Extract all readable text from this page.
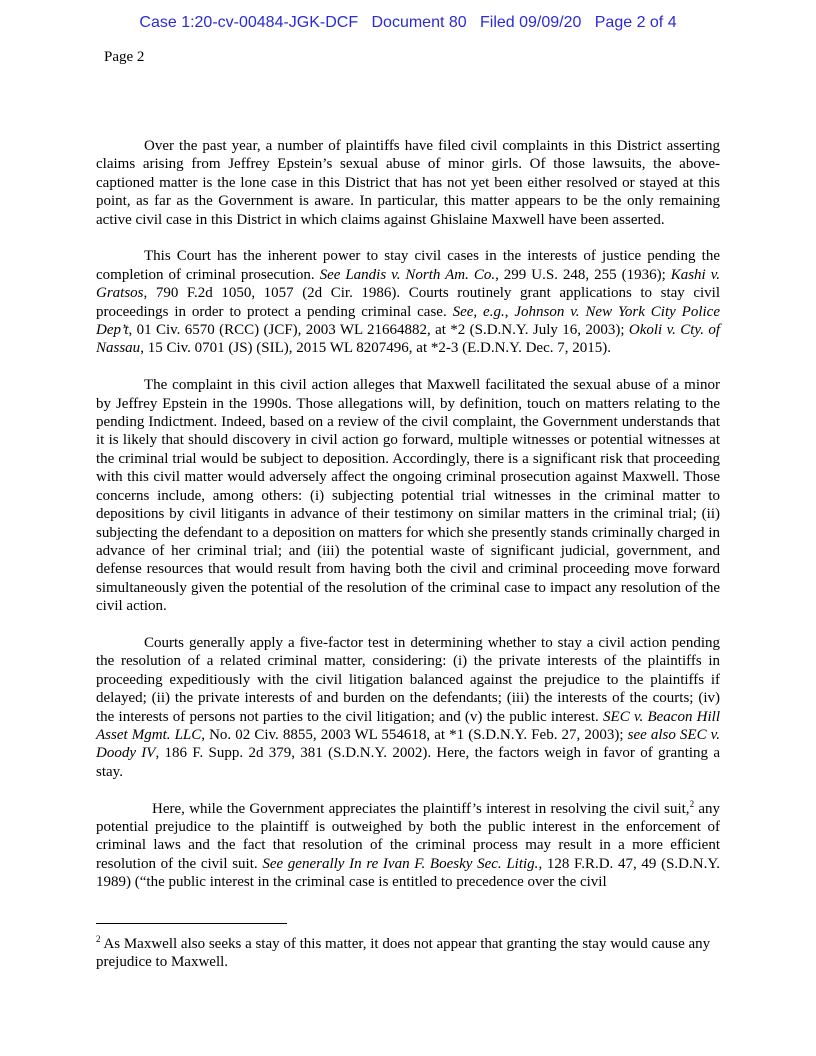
Case 1:20-cv-00484-JGK-DCF Document 80 Filed 09/09/20 Page 2 of 4
Page 2

Over the past year, a number of plaintiffs have filed civil complaints in this District asserting claims arising from Jeffrey Epstein’s sexual abuse of minor girls. Of those lawsuits, the above-captioned matter is the lone case in this District that has not yet been either resolved or stayed at this point, as far as the Government is aware. In particular, this matter appears to be the only remaining active civil case in this District in which claims against Ghislaine Maxwell have been asserted.

This Court has the inherent power to stay civil cases in the interests of justice pending the completion of criminal prosecution. See Landis v. North Am. Co., 299 U.S. 248, 255 (1936); Kashi v. Gratsos, 790 F.2d 1050, 1057 (2d Cir. 1986). Courts routinely grant applications to stay civil proceedings in order to protect a pending criminal case. See, e.g., Johnson v. New York City Police Dep’t, 01 Civ. 6570 (RCC) (JCF), 2003 WL 21664882, at *2 (S.D.N.Y. July 16, 2003); Okoli v. Cty. of Nassau, 15 Civ. 0701 (JS) (SIL), 2015 WL 8207496, at *2-3 (E.D.N.Y. Dec. 7, 2015).

The complaint in this civil action alleges that Maxwell facilitated the sexual abuse of a minor by Jeffrey Epstein in the 1990s. Those allegations will, by definition, touch on matters relating to the pending Indictment. Indeed, based on a review of the civil complaint, the Government understands that it is likely that should discovery in civil action go forward, multiple witnesses or potential witnesses at the criminal trial would be subject to deposition. Accordingly, there is a significant risk that proceeding with this civil matter would adversely affect the ongoing criminal prosecution against Maxwell. Those concerns include, among others: (i) subjecting potential trial witnesses in the criminal matter to depositions by civil litigants in advance of their testimony on similar matters in the criminal trial; (ii) subjecting the defendant to a deposition on matters for which she presently stands criminally charged in advance of her criminal trial; and (iii) the potential waste of significant judicial, government, and defense resources that would result from having both the civil and criminal proceeding move forward simultaneously given the potential of the resolution of the criminal case to impact any resolution of the civil action.

Courts generally apply a five-factor test in determining whether to stay a civil action pending the resolution of a related criminal matter, considering: (i) the private interests of the plaintiffs in proceeding expeditiously with the civil litigation balanced against the prejudice to the plaintiffs if delayed; (ii) the private interests of and burden on the defendants; (iii) the interests of the courts; (iv) the interests of persons not parties to the civil litigation; and (v) the public interest. SEC v. Beacon Hill Asset Mgmt. LLC, No. 02 Civ. 8855, 2003 WL 554618, at *1 (S.D.N.Y. Feb. 27, 2003); see also SEC v. Doody IV, 186 F. Supp. 2d 379, 381 (S.D.N.Y. 2002). Here, the factors weigh in favor of granting a stay.

Here, while the Government appreciates the plaintiff’s interest in resolving the civil suit,$^2$ any potential prejudice to the plaintiff is outweighed by both the public interest in the enforcement of criminal laws and the fact that resolution of the criminal process may result in a more efficient resolution of the civil suit. See generally In re Ivan F. Boesky Sec. Litig., 128 F.R.D. 47, 49 (S.D.N.Y. 1989) (“the public interest in the criminal case is entitled to precedence over the civil

$^2$ As Maxwell also seeks a stay of this matter, it does not appear that granting the stay would cause any prejudice to Maxwell.
